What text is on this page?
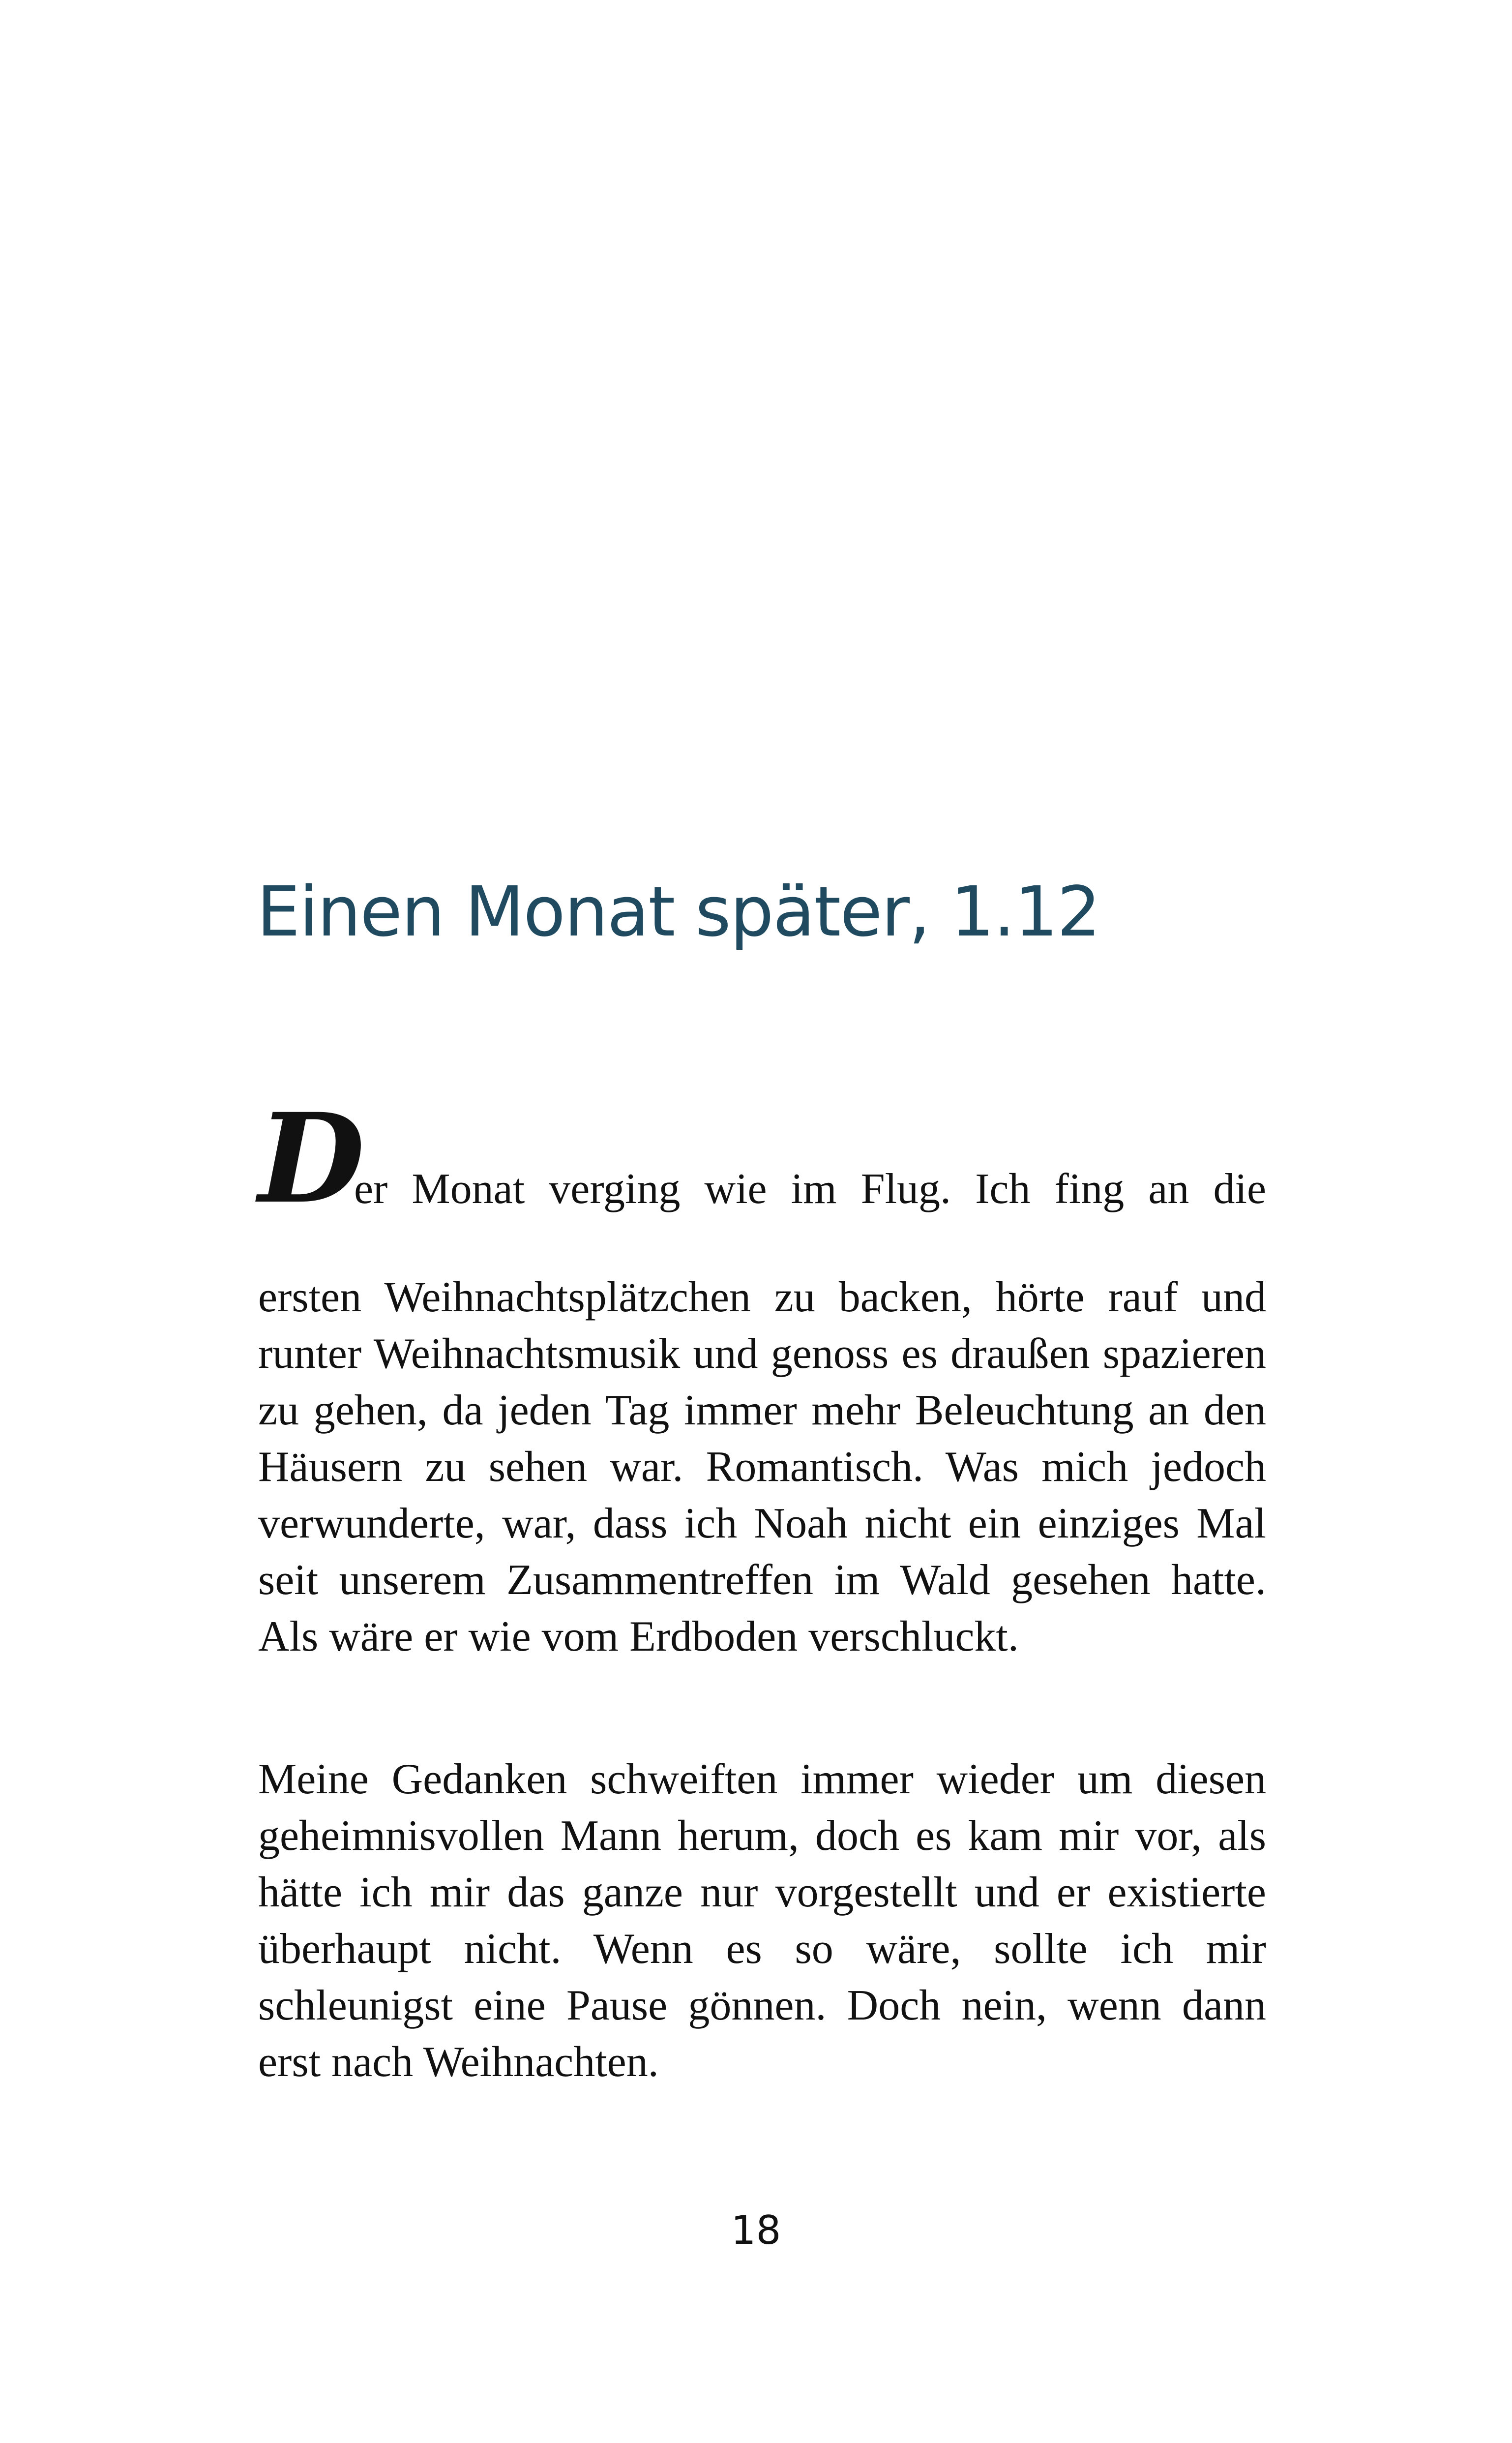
Einen Monat später, 1.12
D

er Monat verging wie im Flug. Ich fing an die

ersten Weihnachtsplätzchen zu backen, hörte rauf und runter Weihnachtsmusik und genoss es draußen spazieren zu gehen, da jeden Tag immer mehr Beleuchtung an den Häusern zu sehen war. Romantisch. Was mich jedoch verwunderte, war, dass ich Noah nicht ein einziges Mal seit unserem Zusammentreffen im Wald gesehen hatte. Als wäre er wie vom Erdboden verschluckt.

Meine Gedanken schweiften immer wieder um diesen geheimnisvollen Mann herum, doch es kam mir vor, als hätte ich mir das ganze nur vorgestellt und er existierte überhaupt nicht. Wenn es so wäre, sollte ich mir schleunigst eine Pause gönnen. Doch nein, wenn dann erst nach Weihnachten.

18
